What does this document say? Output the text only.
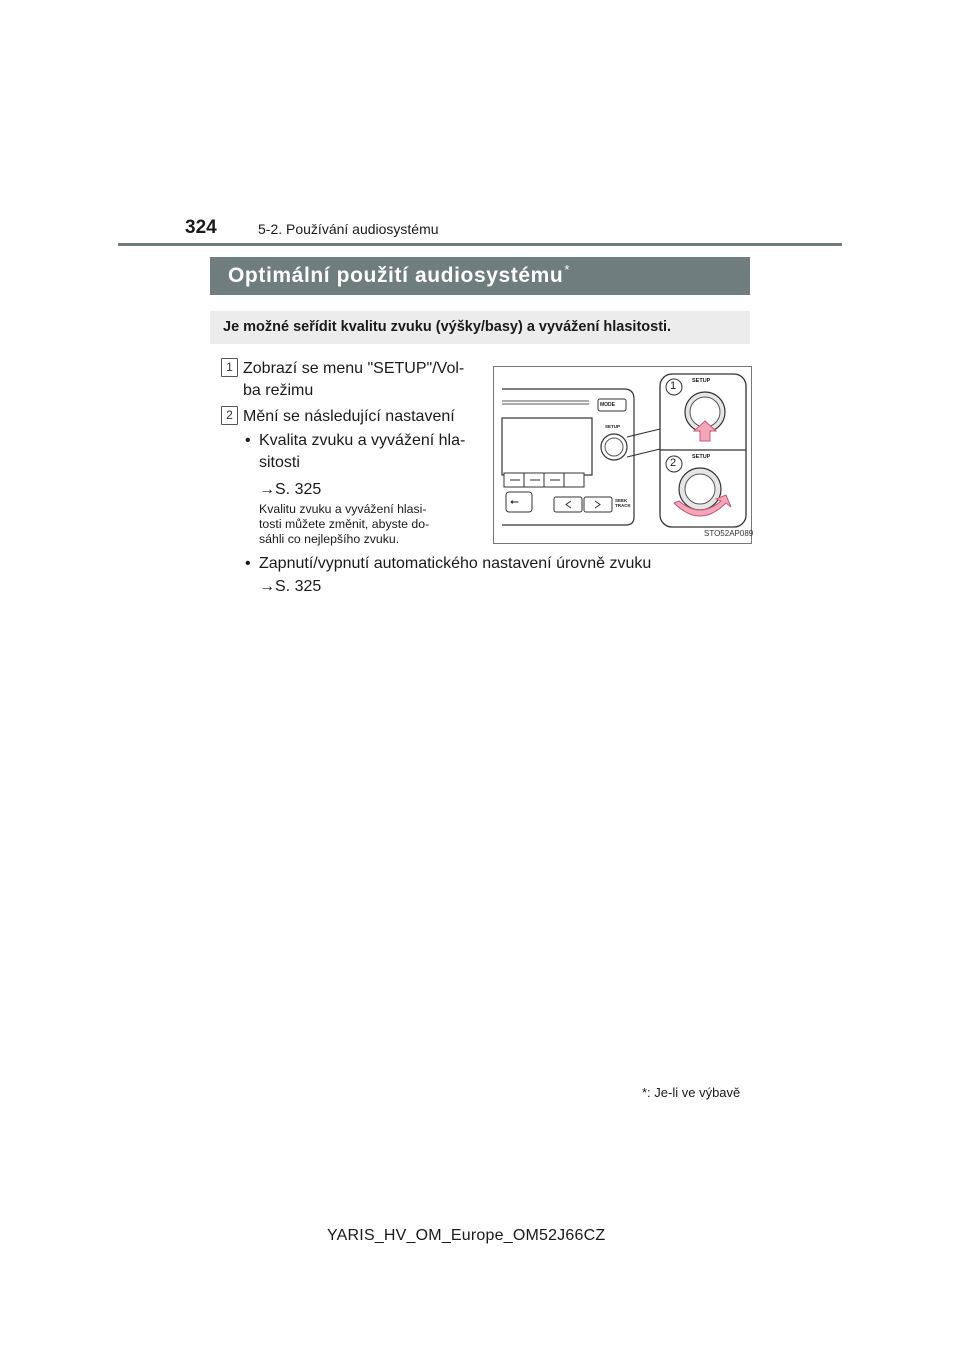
324	5-2. Používání audiosystému
Optimální použití audiosystému*
Je možné seřídit kvalitu zvuku (výšky/basy) a vyvážení hlasitosti.
1 Zobrazí se menu "SETUP"/Vol-
ba režimu
2 Mění se následující nastavení
• Kvalita zvuku a vyvážení hla-
sitosti
→S. 325
Kvalitu zvuku a vyvážení hlasi-
tosti můžete změnit, abyste do-
sáhli co nejlepšího zvuku.
• Zapnutí/vypnutí automatického nastavení úrovně zvuku
→S. 325
MODE
SETUP
SETUP
SETUP
SEEK
TRACK
⭠
1
2
STO52AP089
*: Je-li ve výbavě
YARIS_HV_OM_Europe_OM52J66CZ
